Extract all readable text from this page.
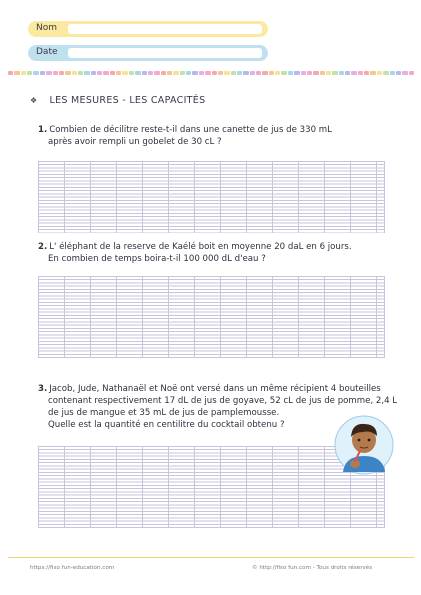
Nom
Date
❖ LES MESURES - LES CAPACITÉS
1. Combien de décilitre reste-t-il dans une canette de jus de 330 mL
après avoir rempli un gobelet de 30 cL ?
2. L' éléphant de la reserve de Kaélé boit en moyenne 20 daL en 6 jours.
En combien de temps boira-t-il 100 000 dL d'eau ?
3. Jacob, Jude, Nathanaël et Noë ont versé dans un même récipient 4 bouteilles
contenant respectivement 17 dL de jus de goyave, 52 cL de jus de pomme, 2,4 L
de jus de mangue et 35 mL de jus de pamplemousse.
Quelle est la quantité en centilitre du cocktail obtenu ?
https://fiso fun-education.com	© http://fiso fun.com - Tous droits réservés
